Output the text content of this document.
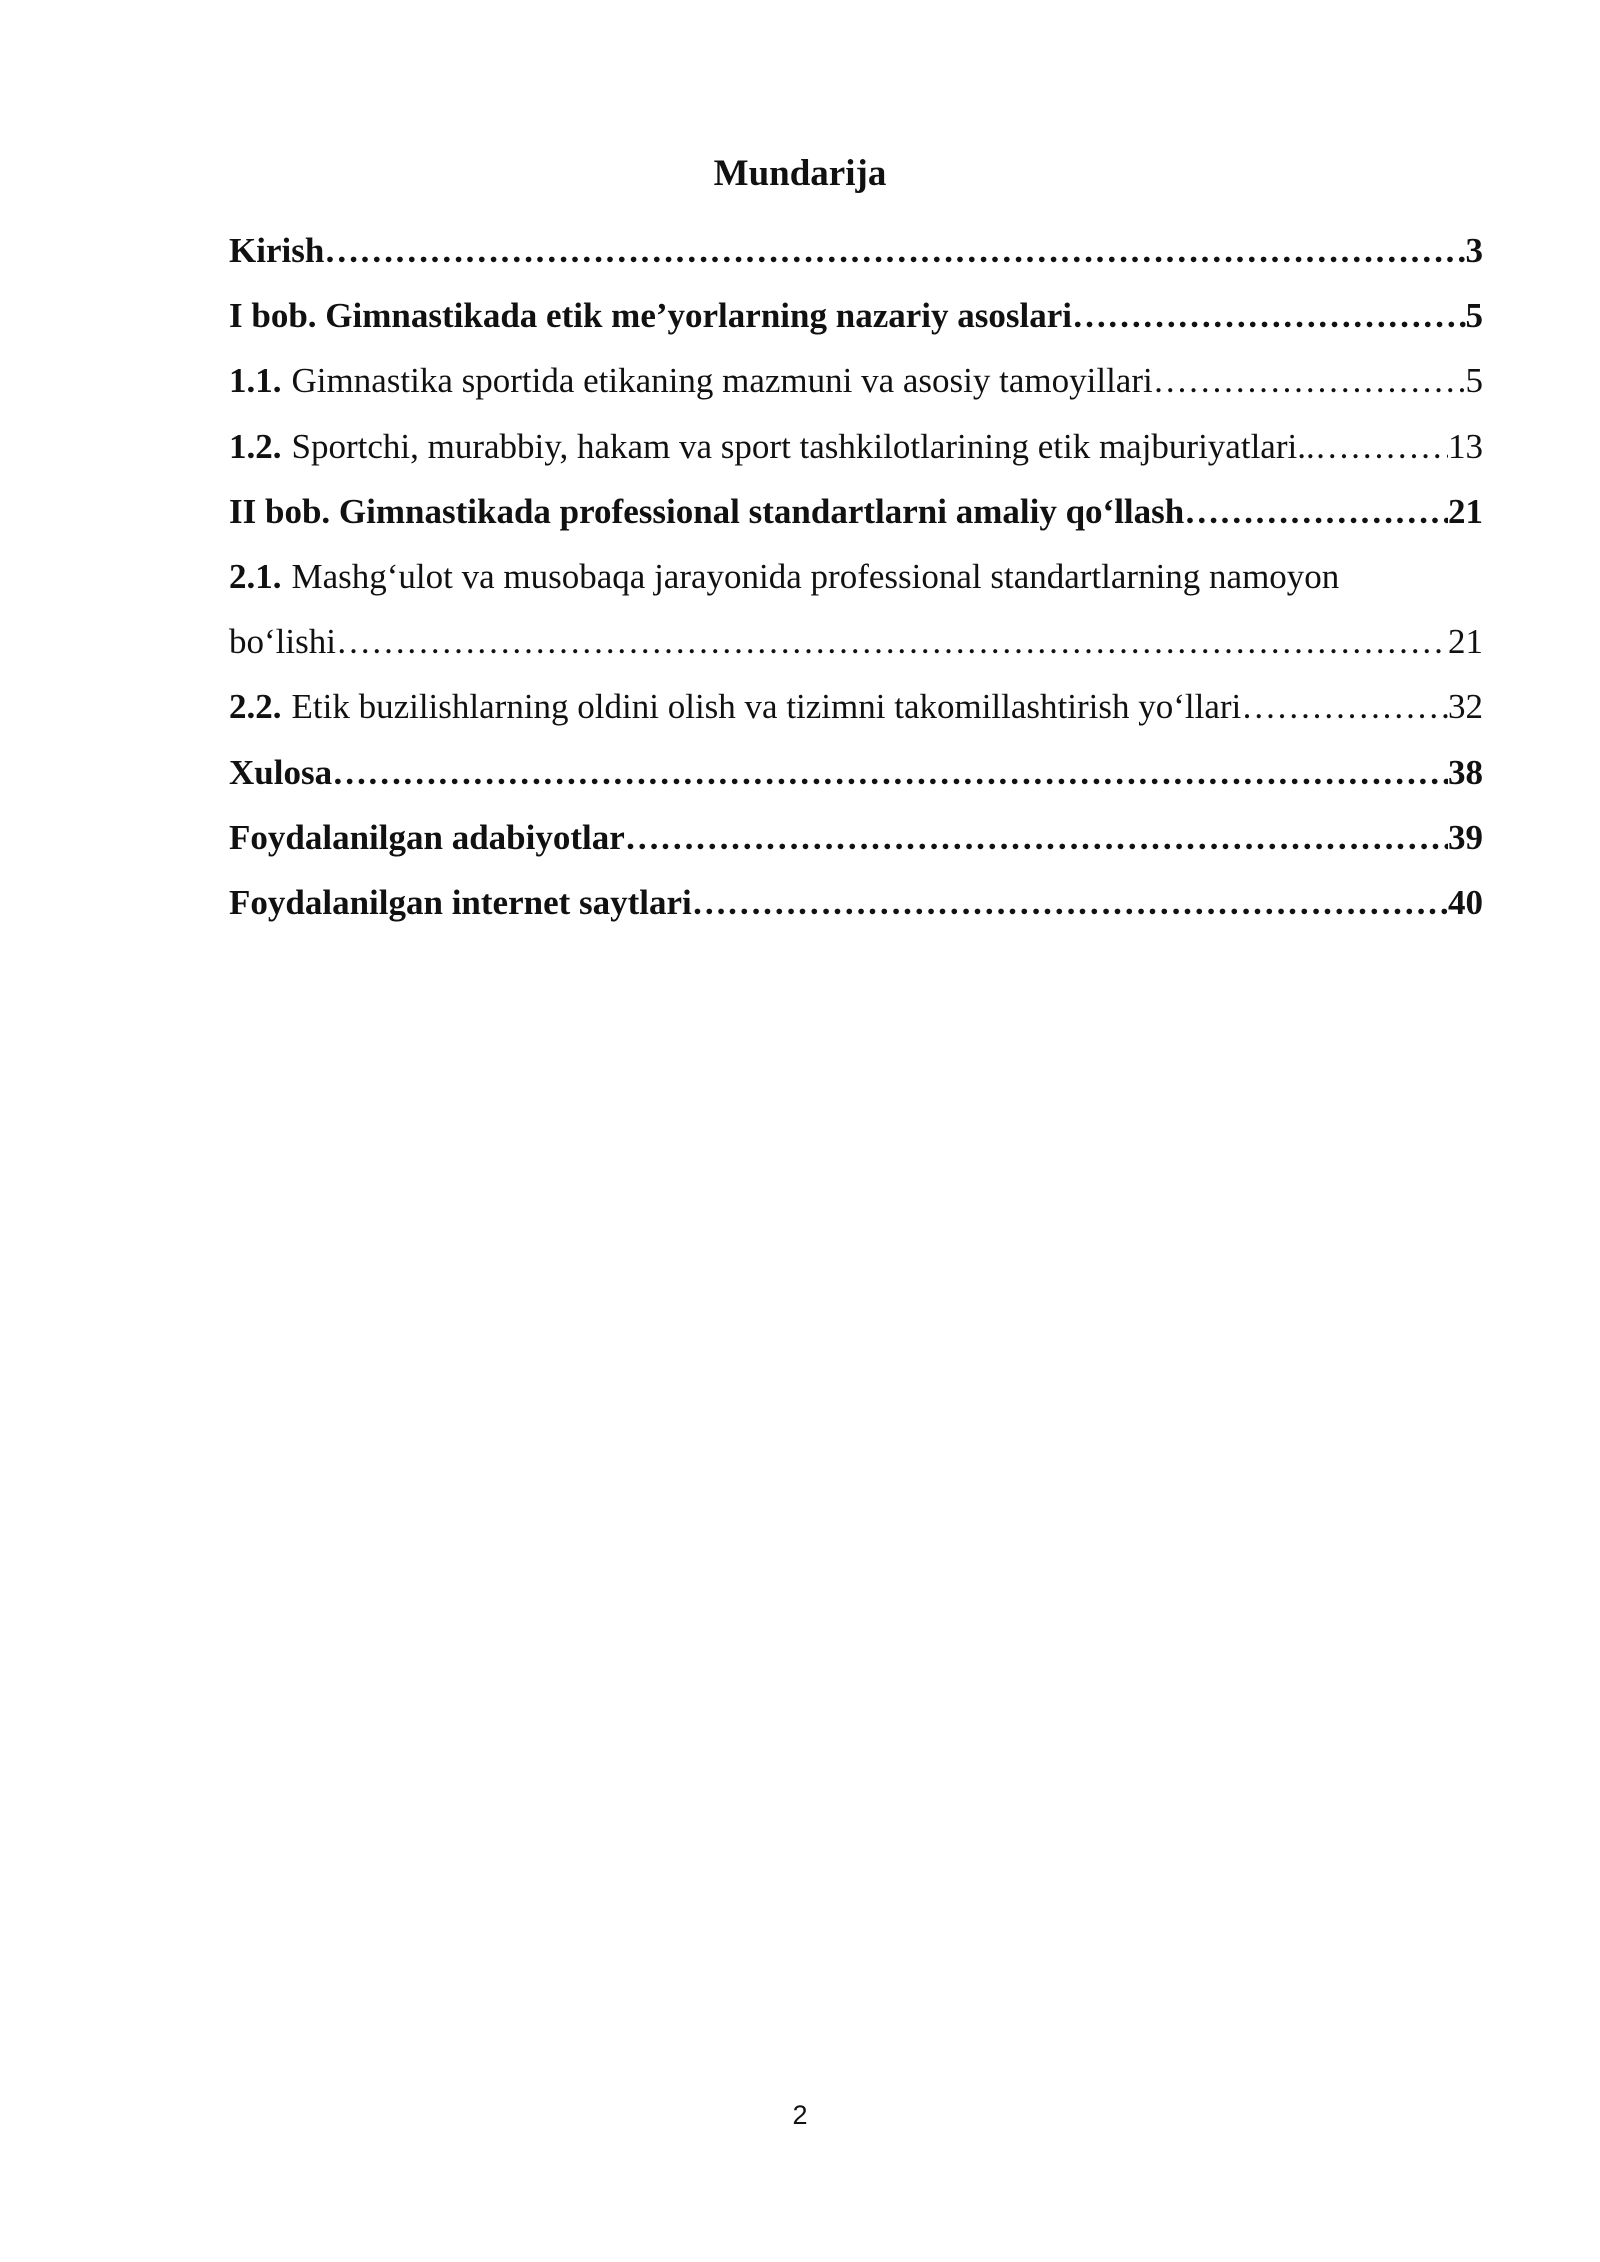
Mundarija
Kirish ……………………………………………………………………………………………………………………………………………………………………	3
I bob. Gimnastikada etik me’yorlarning nazariy asoslari ……………………………………………………………………………………………………………………………………………………………………	5
1.1. Gimnastika sportida etikaning mazmuni va asosiy tamoyillari ……………………………………………………………………………………………………………………………………………………………………	5
1.2. Sportchi, murabbiy, hakam va sport tashkilotlarining etik majburiyatlari.. ……………………………………………………………………………………………………………………………………………………………………	13
II bob. Gimnastikada professional standartlarni amaliy qo‘llash ……………………………………………………………………………………………………………………………………………………………………	21
2.1. Mashg‘ulot va musobaqa jarayonida professional standartlarning namoyon
bo‘lishi ……………………………………………………………………………………………………………………………………………………………………	21
2.2. Etik buzilishlarning oldini olish va tizimni takomillashtirish yo‘llari ……………………………………………………………………………………………………………………………………………………………………	32
Xulosa ……………………………………………………………………………………………………………………………………………………………………	38
Foydalanilgan adabiyotlar ……………………………………………………………………………………………………………………………………………………………………	39
Foydalanilgan internet saytlari ……………………………………………………………………………………………………………………………………………………………………	40
2
